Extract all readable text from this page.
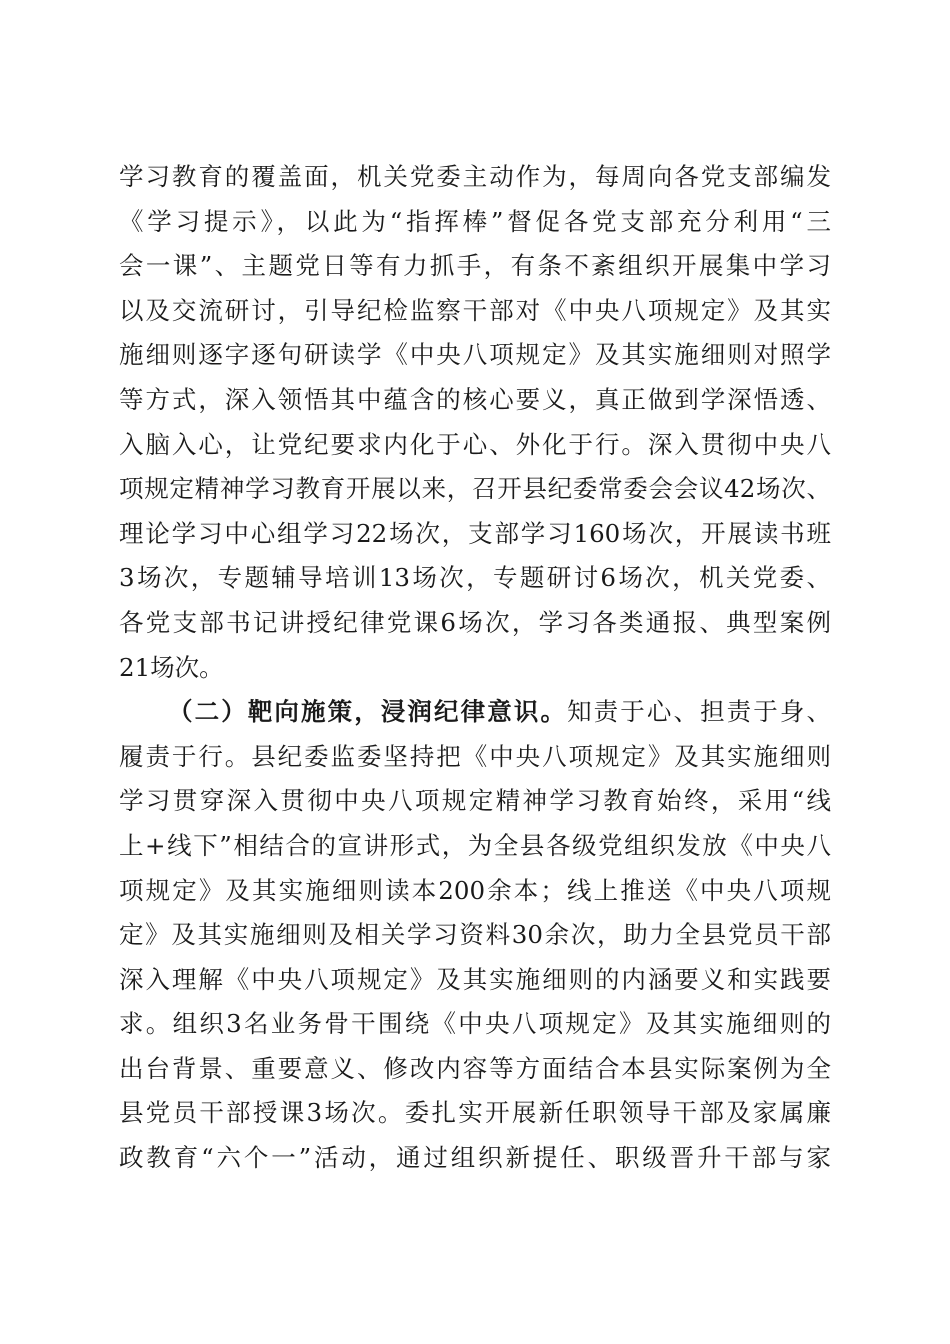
学习教育的覆盖面，机关党委主动作为，每周向各党支部编发
《学习提示》，以此为“指挥棒”督促各党支部充分利用“三
会一课”、主题党日等有力抓手，有条不紊组织开展集中学习
以及交流研讨，引导纪检监察干部对《中央八项规定》及其实
施细则逐字逐句研读学《中央八项规定》及其实施细则对照学
等方式，深入领悟其中蕴含的核心要义，真正做到学深悟透、
入脑入心，让党纪要求内化于心、外化于行。深入贯彻中央八
项规定精神学习教育开展以来，召开县纪委常委会会议42场次、
理论学习中心组学习22场次，支部学习160场次，开展读书班
3场次，专题辅导培训13场次，专题研讨6场次，机关党委、
各党支部书记讲授纪律党课6场次，学习各类通报、典型案例
21场次。
（二）靶向施策，浸润纪律意识。知责于心、担责于身、
履责于行。县纪委监委坚持把《中央八项规定》及其实施细则
学习贯穿深入贯彻中央八项规定精神学习教育始终，采用“线
上+线下”相结合的宣讲形式，为全县各级党组织发放《中央八
项规定》及其实施细则读本200余本；线上推送《中央八项规
定》及其实施细则及相关学习资料30余次，助力全县党员干部
深入理解《中央八项规定》及其实施细则的内涵要义和实践要
求。组织3名业务骨干围绕《中央八项规定》及其实施细则的
出台背景、重要意义、修改内容等方面结合本县实际案例为全
县党员干部授课3场次。委扎实开展新任职领导干部及家属廉
政教育“六个一”活动，通过组织新提任、职级晋升干部与家
